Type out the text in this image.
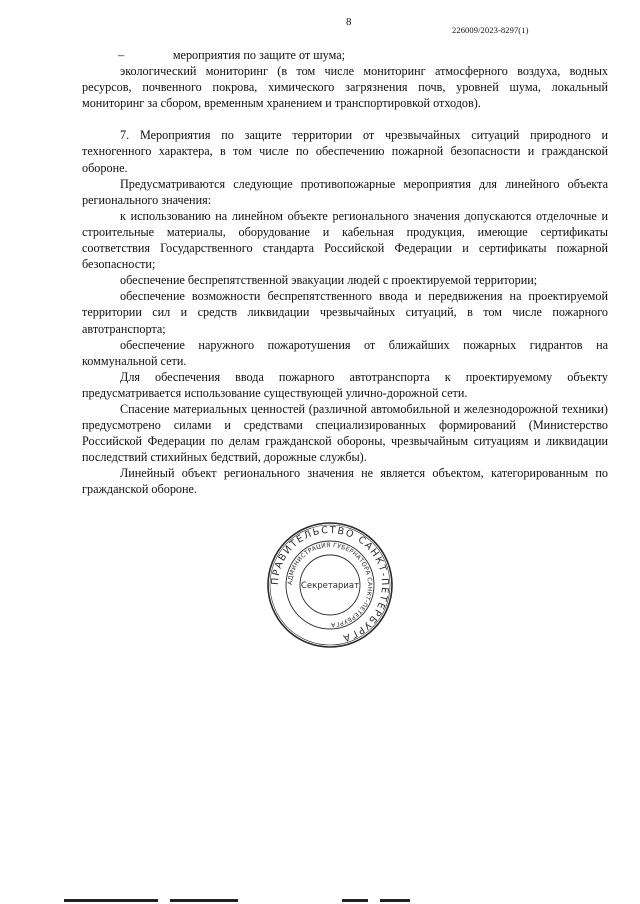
8
226009/2023-8297(1)

–    мероприятия по защите от шума;

экологический мониторинг (в том числе мониторинг атмосферного воздуха, водных ресурсов, почвенного покрова, химического загрязнения почв, уровней шума, локальный мониторинг за сбором, временным хранением и транспортировкой отходов).

7. Мероприятия по защите территории от чрезвычайных ситуаций природного и техногенного характера, в том числе по обеспечению пожарной безопасности и гражданской обороне.

Предусматриваются следующие противопожарные мероприятия для линейного объекта регионального значения:

к использованию на линейном объекте регионального значения допускаются отделочные и строительные материалы, оборудование и кабельная продукция, имеющие сертификаты соответствия Государственного стандарта Российской Федерации и сертификаты пожарной безопасности;

обеспечение беспрепятственной эвакуации людей с проектируемой территории;

обеспечение возможности беспрепятственного ввода и передвижения на проектируемой территории сил и средств ликвидации чрезвычайных ситуаций, в том числе пожарного автотранспорта;

обеспечение наружного пожаротушения от ближайших пожарных гидрантов на коммунальной сети.

Для обеспечения ввода пожарного автотранспорта к проектируемому объекту предусматривается использование существующей улично-дорожной сети.

Спасение материальных ценностей (различной автомобильной и железнодорожной техники) предусмотрено силами и средствами специализированных формирований (Министерство Российской Федерации по делам гражданской обороны, чрезвычайным ситуациям и ликвидации последствий стихийных бедствий, дорожные службы).

Линейный объект регионального значения не является объектом, категорированным по гражданской обороне.

ПРАВИТЕЛЬСТВО САНКТ-ПЕТЕРБУРГА
АДМИНИСТРАЦИЯ ГУБЕРНАТОРА САНКТ-ПЕТЕРБУРГА
Секретариат
